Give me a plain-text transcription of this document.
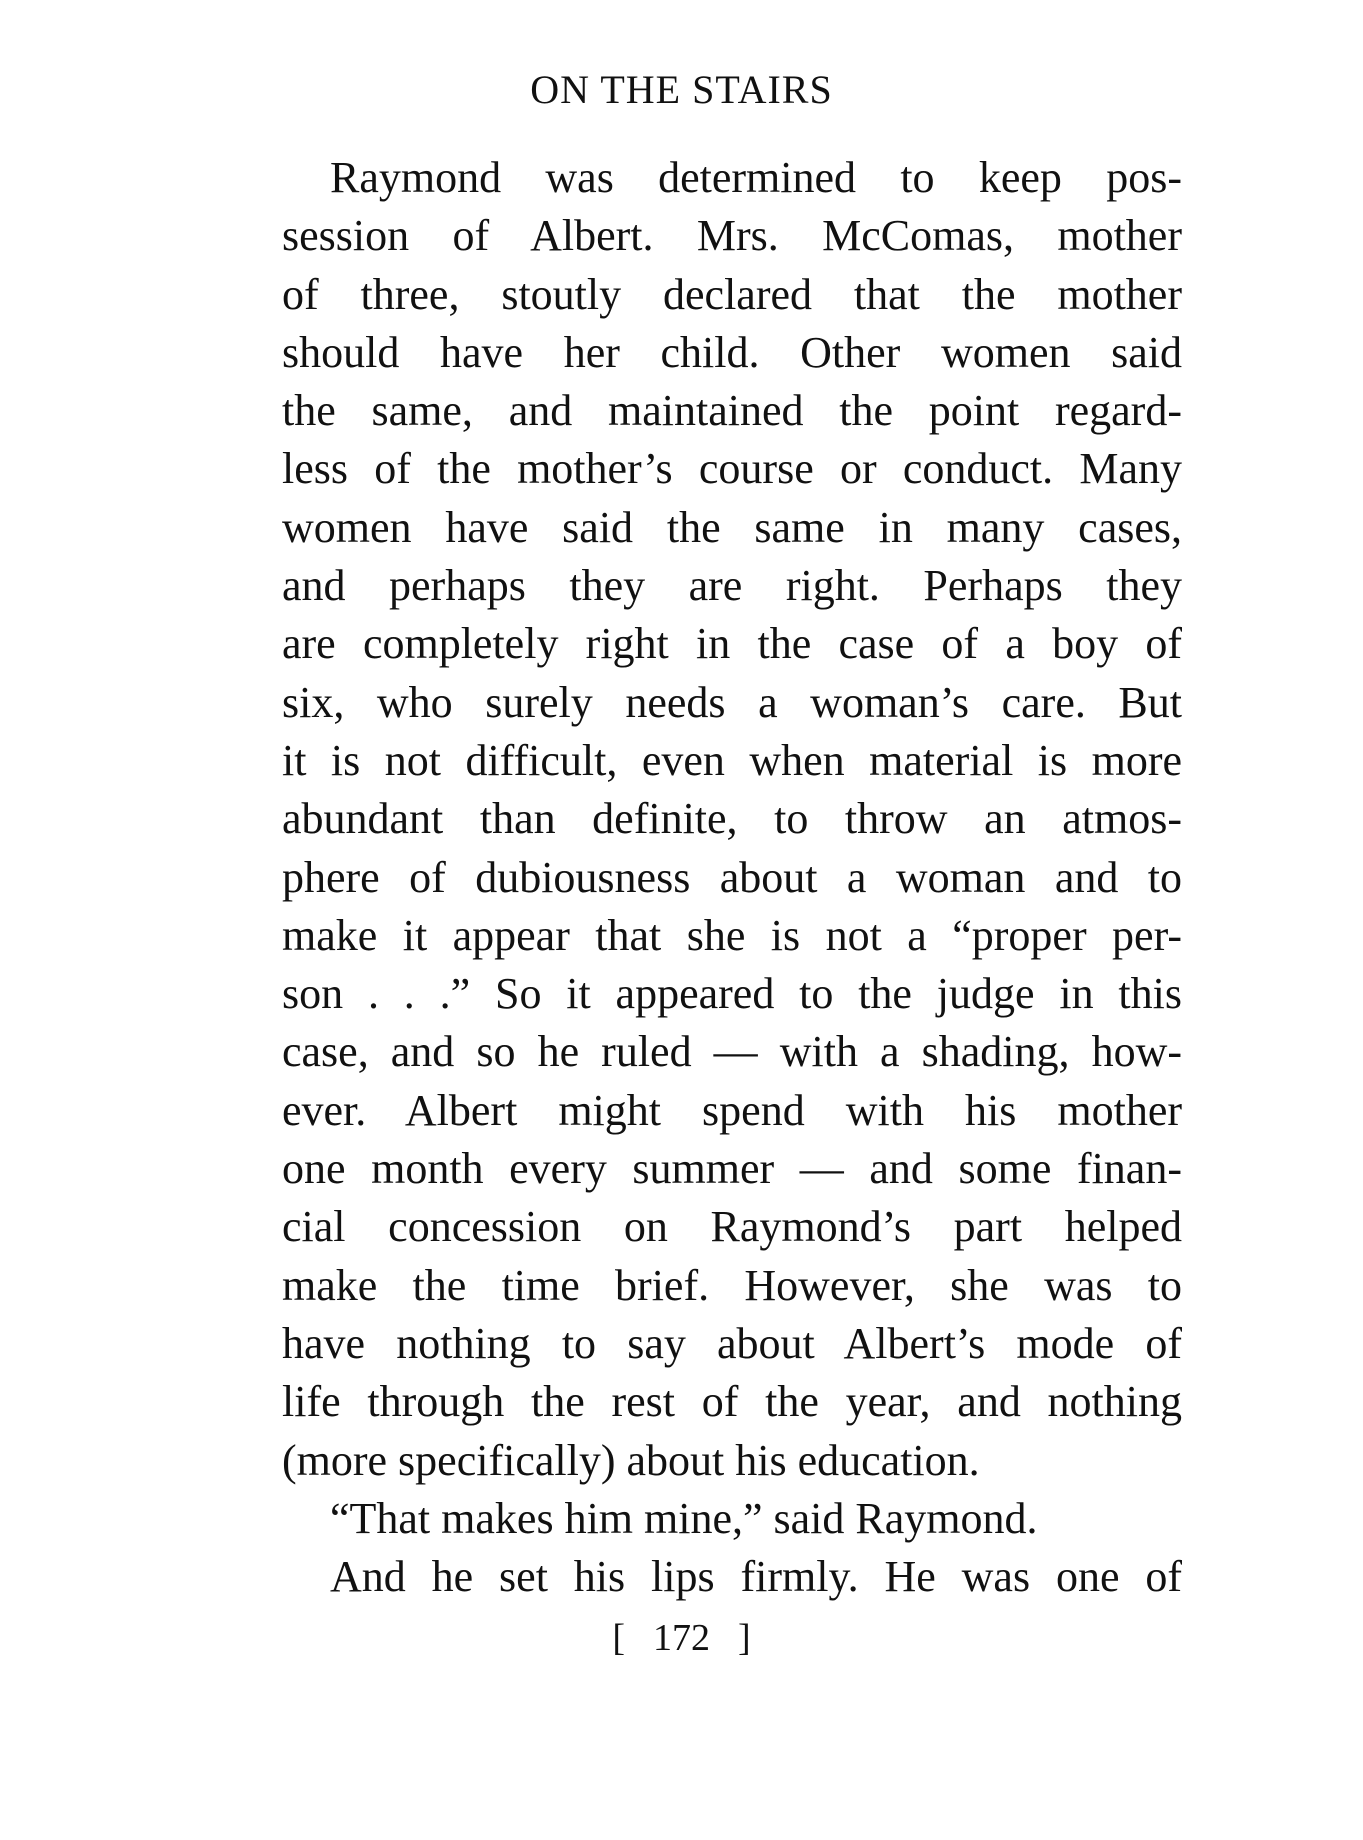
ON THE STAIRS
Raymond was determined to keep pos-
session of Albert. Mrs. McComas, mother
of three, stoutly declared that the mother
should have her child. Other women said
the same, and maintained the point regard-
less of the mother’s course or conduct. Many
women have said the same in many cases,
and perhaps they are right. Perhaps they
are completely right in the case of a boy of
six, who surely needs a woman’s care. But
it is not difficult, even when material is more
abundant than definite, to throw an atmos-
phere of dubiousness about a woman and to
make it appear that she is not a “proper per-
son . . .” So it appeared to the judge in this
case, and so he ruled — with a shading, how-
ever. Albert might spend with his mother
one month every summer — and some finan-
cial concession on Raymond’s part helped
make the time brief. However, she was to
have nothing to say about Albert’s mode of
life through the rest of the year, and nothing
(more specifically) about his education.
“That makes him mine,” said Raymond.
And he set his lips firmly. He was one of
[ 172 ]
